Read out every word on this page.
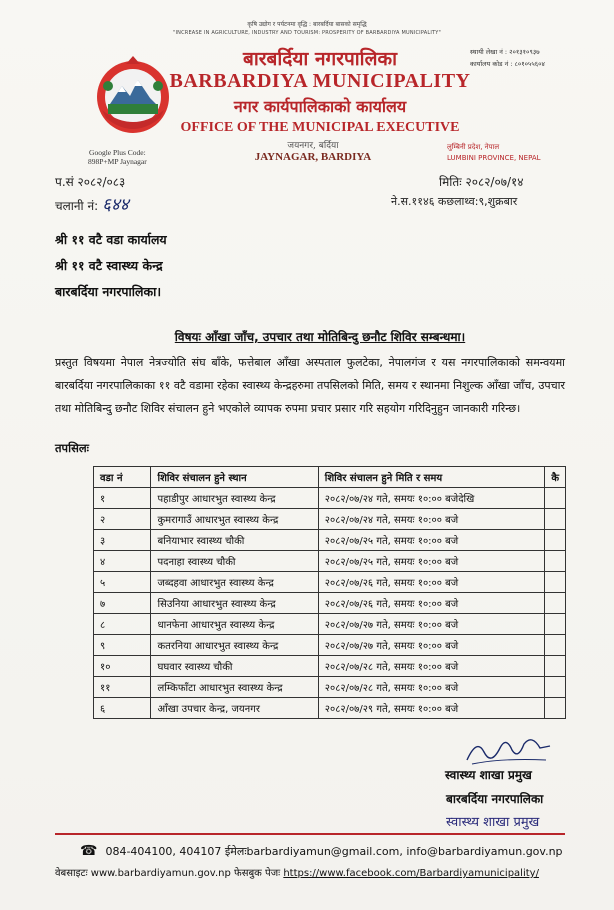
कृषि उद्योग र पर्यटनमा वृद्धि : बारबर्दिया बासको समृद्धि
"INCREASE IN AGRICULTURE, INDUSTRY AND TOURISM: PROSPERITY OF BARBARDIYA MUNICIPALITY"
बारबर्दिया नगरपालिका
BARBARDIYA MUNICIPALITY
नगर कार्यपालिकाको कार्यालय
OFFICE OF THE MUNICIPAL EXECUTIVE
स्थायी लेखा नं : २०१३१०९३७
कार्यालय कोड नं : ८०१०५५६०४
Google Plus Code:
898P+MP Jaynagar
जयनगर, बर्दिया
JAYNAGAR, BARDIYA
लुम्बिनी प्रदेश, नेपाल
LUMBINI PROVINCE, NEPAL
प.सं २०८२/०८३
चलानी नं: ६४४
मितिः २०८२/०७/१४
ने.स.११४६ कछलाथ्व:९,शुक्रबार
श्री ११ वटै वडा कार्यालय
श्री ११ वटै स्वास्थ्य केन्द्र
बारबर्दिया नगरपालिका।
विषयः आँखा जाँच, उपचार तथा मोतिबिन्दु छनौट शिविर सम्बन्धमा।
प्रस्तुत विषयमा नेपाल नेत्रज्योति संघ बाँके, फत्तेबाल आँखा अस्पताल फुलटेका, नेपालगंज र यस नगरपालिकाको समन्वयमा बारबर्दिया नगरपालिकाका ११ वटै वडामा रहेका स्वास्थ्य केन्द्रहरुमा तपसिलको मिति, समय र स्थानमा निशुल्क आँखा जाँच, उपचार तथा मोतिबिन्दु छनौट शिविर संचालन हुने भएकोले व्यापक रुपमा प्रचार प्रसार गरि सहयोग गरिदिनुहुन जानकारी गरिन्छ।
तपसिलः
वडा नं	शिविर संचालन हुने स्थान	शिविर संचालन हुने मिति र समय	कै
१	पहाडीपुर आधारभुत स्वास्थ्य केन्द्र	२०८२/०७/२४ गते, समयः १०:०० बजेदेखि	
२	कुमरागाउँ आधारभुत स्वास्थ्य केन्द्र	२०८२/०७/२४ गते, समयः १०:०० बजे	
३	बनियाभार स्वास्थ्य चौकी	२०८२/०७/२५ गते, समयः १०:०० बजे	
४	पदनाहा स्वास्थ्य चौकी	२०८२/०७/२५ गते, समयः १०:०० बजे	
५	जब्दहवा आधारभुत स्वास्थ्य केन्द्र	२०८२/०७/२६ गते, समयः १०:०० बजे	
७	सिउनिया आधारभुत स्वास्थ्य केन्द्र	२०८२/०७/२६ गते, समयः १०:०० बजे	
८	धानफेना आधारभुत स्वास्थ्य केन्द्र	२०८२/०७/२७ गते, समयः १०:०० बजे	
९	कतरनिया आधारभुत स्वास्थ्य केन्द्र	२०८२/०७/२७ गते, समयः १०:०० बजे	
१०	घघवार स्वास्थ्य चौकी	२०८२/०७/२८ गते, समयः १०:०० बजे	
११	लम्किफाँटा आधारभुत स्वास्थ्य केन्द्र	२०८२/०७/२८ गते, समयः १०:०० बजे	
६	आँखा उपचार केन्द्र, जयनगर	२०८२/०७/२९ गते, समयः १०:०० बजे	
स्वास्थ्य शाखा प्रमुख
बारबर्दिया नगरपालिका
स्वास्थ्य शाखा प्रमुख
☎ 084-404100, 404107 ईमेलःbarbardiyamun@gmail.com, info@barbardiyamun.gov.np
वेबसाइटः www.barbardiyamun.gov.np फेसबुक पेजः https://www.facebook.com/Barbardiyamunicipality/
